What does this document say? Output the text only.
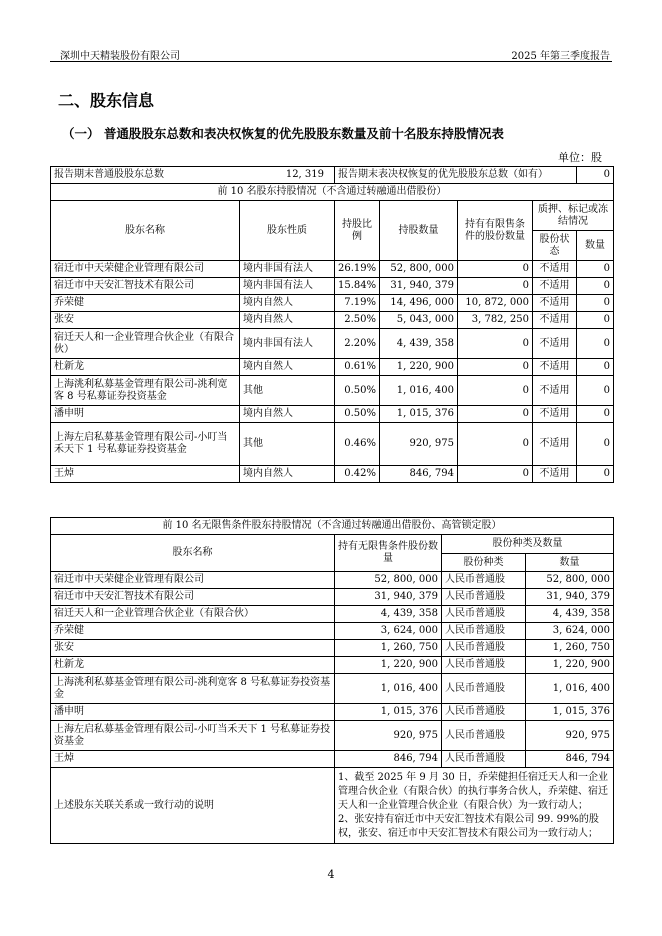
深圳中天精装股份有限公司	2025 年第三季度报告
二、股东信息
（一） 普通股股东总数和表决权恢复的优先股股东数量及前十名股东持股情况表
单位：股
报告期末普通股股东总数 12, 319		报告期末表决权恢复的优先股股东总数（如有）				0
前 10 名股东持股情况（不含通过转融通出借股份）						
股东名称	股东性质	持股比例	持股数量	持有有限售条件的股份数量	质押、标记或冻结情况	
					股份状态	数量
宿迁市中天荣健企业管理有限公司	境内非国有法人	26.19%	52, 800, 000	0	不适用	0
宿迁市中天安汇智技术有限公司	境内非国有法人	15.84%	31, 940, 379	0	不适用	0
乔荣健	境内自然人	7.19%	14, 496, 000	10, 872, 000	不适用	0
张安	境内自然人	2.50%	5, 043, 000	3, 782, 250	不适用	0
宿迁天人和一企业管理合伙企业（有限合伙）	境内非国有法人	2.20%	4, 439, 358	0	不适用	0
杜新龙	境内自然人	0.61%	1, 220, 900	0	不适用	0
上海洮利私募基金管理有限公司-洮利宽客 8 号私募证券投资基金	其他	0.50%	1, 016, 400	0	不适用	0
潘申明	境内自然人	0.50%	1, 015, 376	0	不适用	0
上海左启私募基金管理有限公司-小叮当禾天下 1 号私募证券投资基金	其他	0.46%	920, 975	0	不适用	0
王焯	境内自然人	0.42%	846, 794	0	不适用	0
前 10 名无限售条件股东持股情况（不含通过转融通出借股份、高管锁定股）			
股东名称	持有无限售条件股份数量	股份种类及数量	
		股份种类	数量
宿迁市中天荣健企业管理有限公司	52, 800, 000	人民币普通股	52, 800, 000
宿迁市中天安汇智技术有限公司	31, 940, 379	人民币普通股	31, 940, 379
宿迁天人和一企业管理合伙企业（有限合伙）	4, 439, 358	人民币普通股	4, 439, 358
乔荣健	3, 624, 000	人民币普通股	3, 624, 000
张安	1, 260, 750	人民币普通股	1, 260, 750
杜新龙	1, 220, 900	人民币普通股	1, 220, 900
上海洮利私募基金管理有限公司-洮利宽客 8 号私募证券投资基金	1, 016, 400	人民币普通股	1, 016, 400
潘申明	1, 015, 376	人民币普通股	1, 015, 376
上海左启私募基金管理有限公司-小叮当禾天下 1 号私募证券投资基金	920, 975	人民币普通股	920, 975
王焯	846, 794	人民币普通股	846, 794
上述股东关联关系或一致行动的说明	1、截至 2025 年 9 月 30 日，乔荣健担任宿迁天人和一企业管理合伙企业（有限合伙）的执行事务合伙人，乔荣健、宿迁天人和一企业管理合伙企业（有限合伙）为一致行动人；
2、张安持有宿迁市中天安汇智技术有限公司 99. 99%的股权，张安、宿迁市中天安汇智技术有限公司为一致行动人；		
4
